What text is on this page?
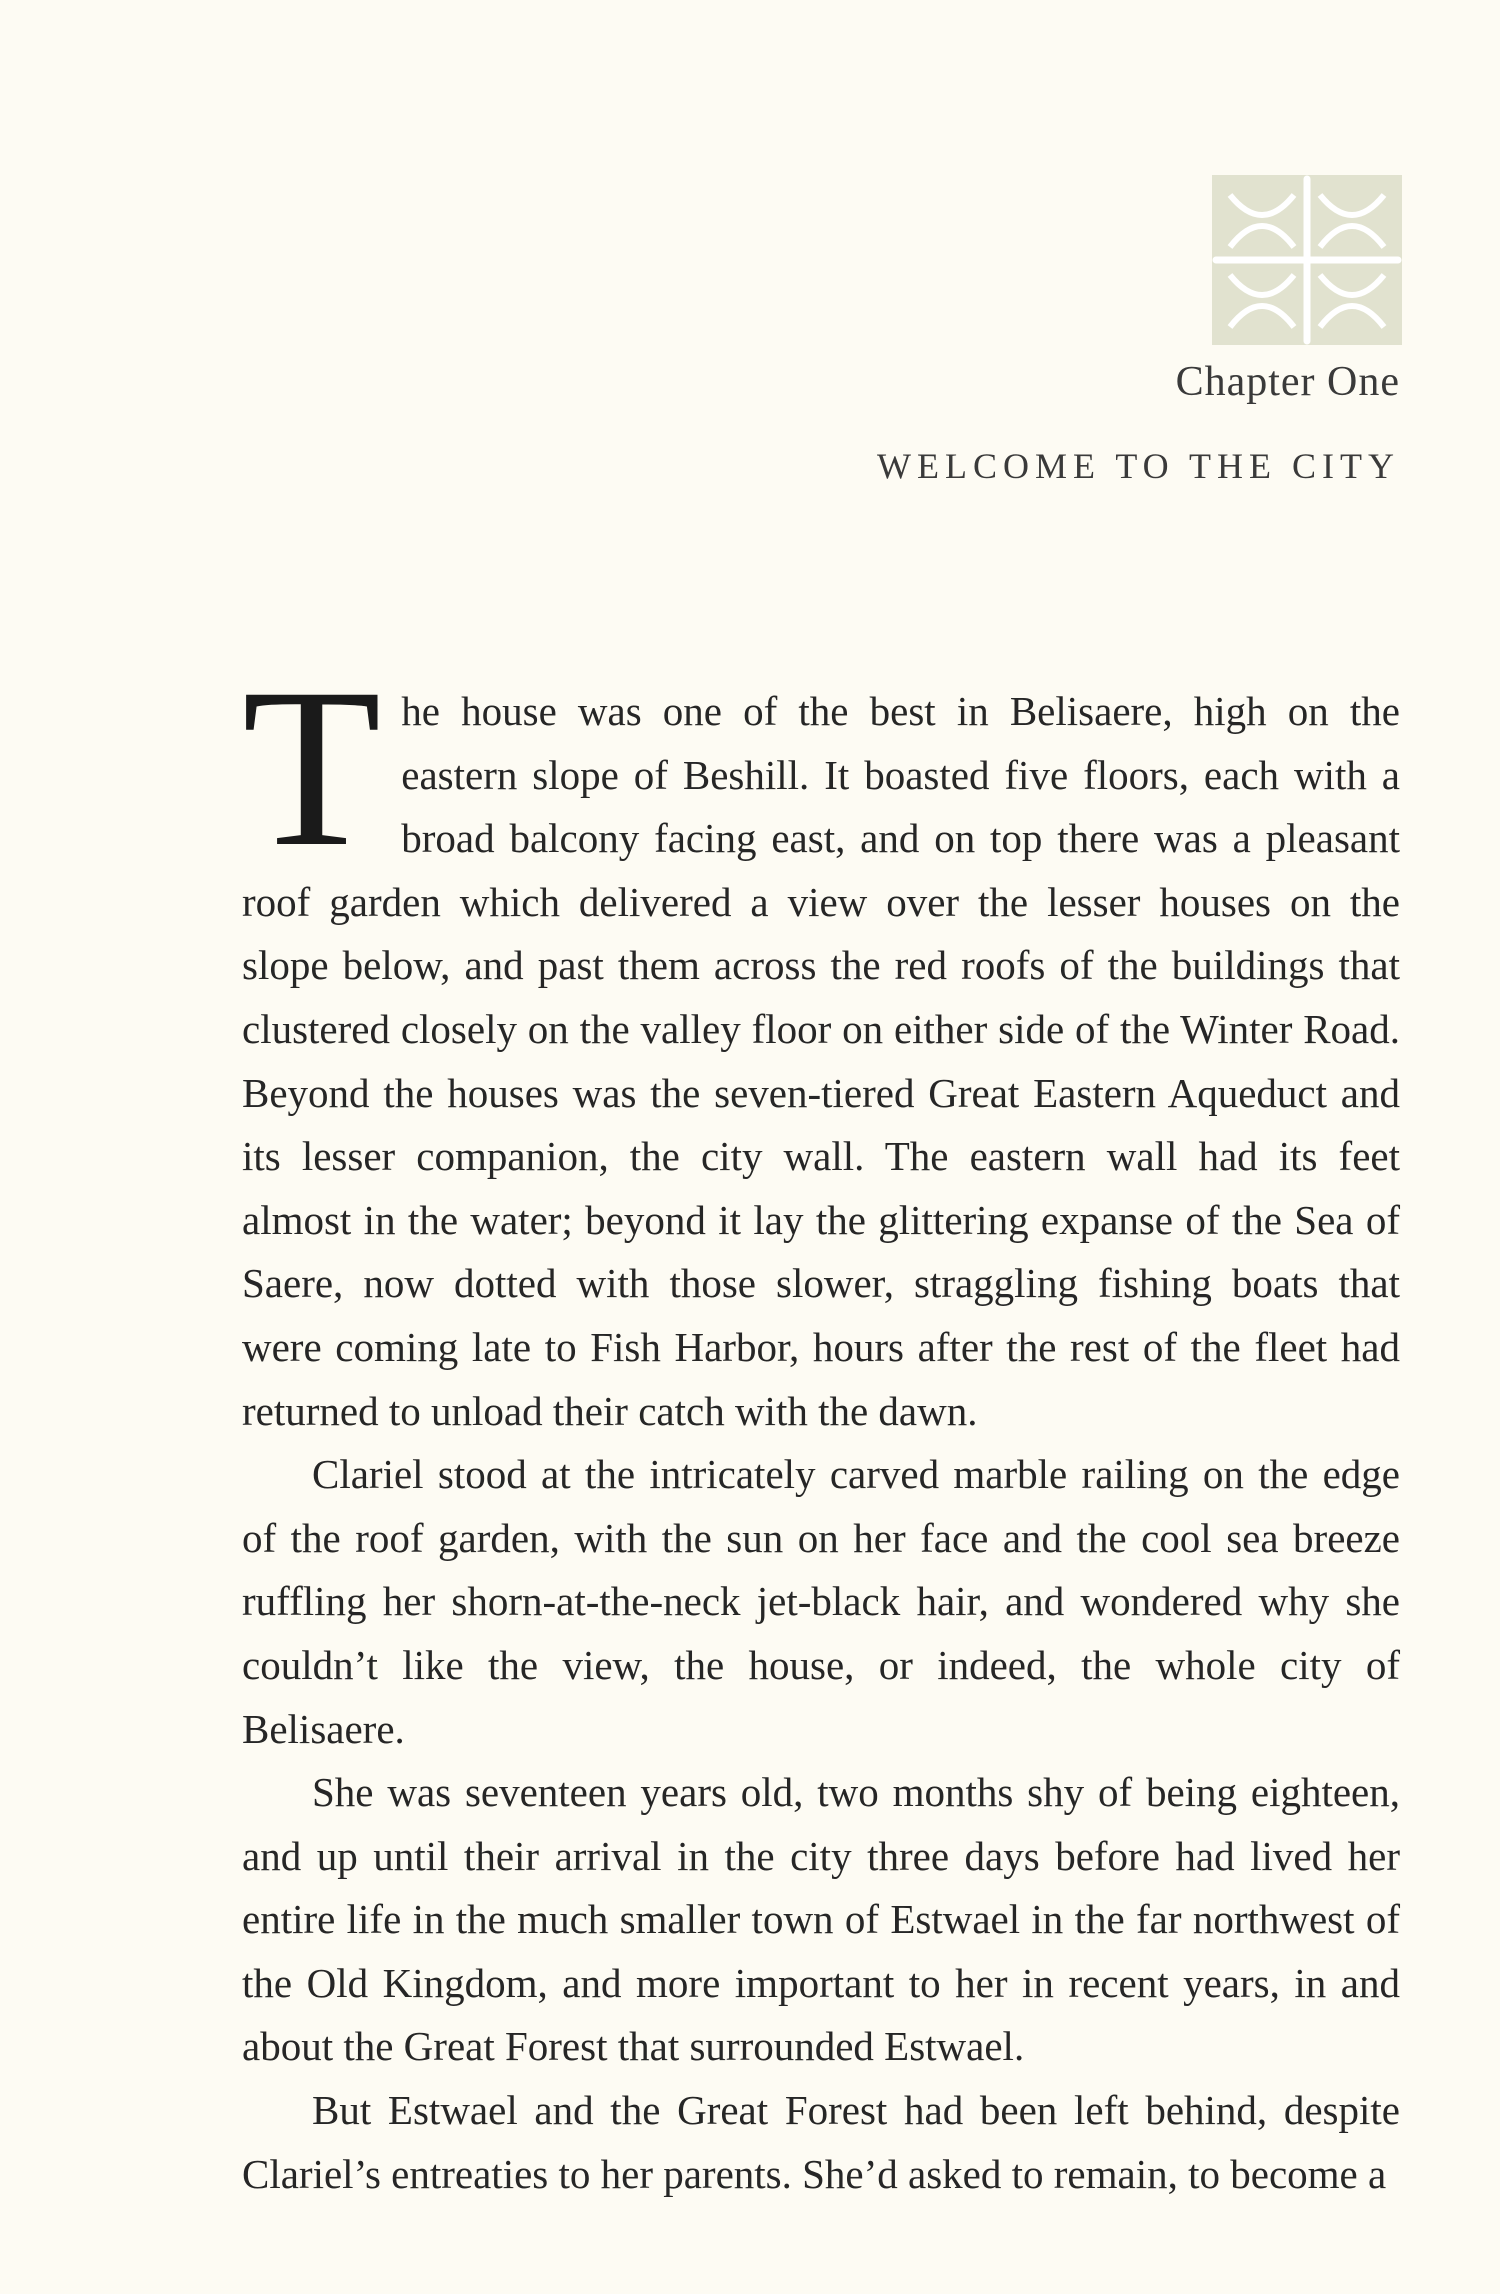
Chapter One
WELCOME TO THE CITY

The house was one of the best in Belisaere, high on the eastern slope of Beshill. It boasted five floors, each with a broad balcony facing east, and on top there was a pleasant roof garden which delivered a view over the lesser houses on the slope below, and past them across the red roofs of the buildings that clustered closely on the valley floor on either side of the Winter Road. Beyond the houses was the seven-tiered Great Eastern Aqueduct and its lesser companion, the city wall. The eastern wall had its feet almost in the water; beyond it lay the glittering expanse of the Sea of Saere, now dotted with those slower, straggling fishing boats that were coming late to Fish Harbor, hours after the rest of the fleet had returned to unload their catch with the dawn.

Clariel stood at the intricately carved marble railing on the edge of the roof garden, with the sun on her face and the cool sea breeze ruffling her shorn-at-the-neck jet-black hair, and wondered why she couldn’t like the view, the house, or indeed, the whole city of Belisaere.

She was seventeen years old, two months shy of being eighteen, and up until their arrival in the city three days before had lived her entire life in the much smaller town of Estwael in the far northwest of the Old Kingdom, and more important to her in recent years, in and about the Great Forest that surrounded Estwael.

But Estwael and the Great Forest had been left behind, despite Clariel’s entreaties to her parents. She’d asked to remain, to become a
